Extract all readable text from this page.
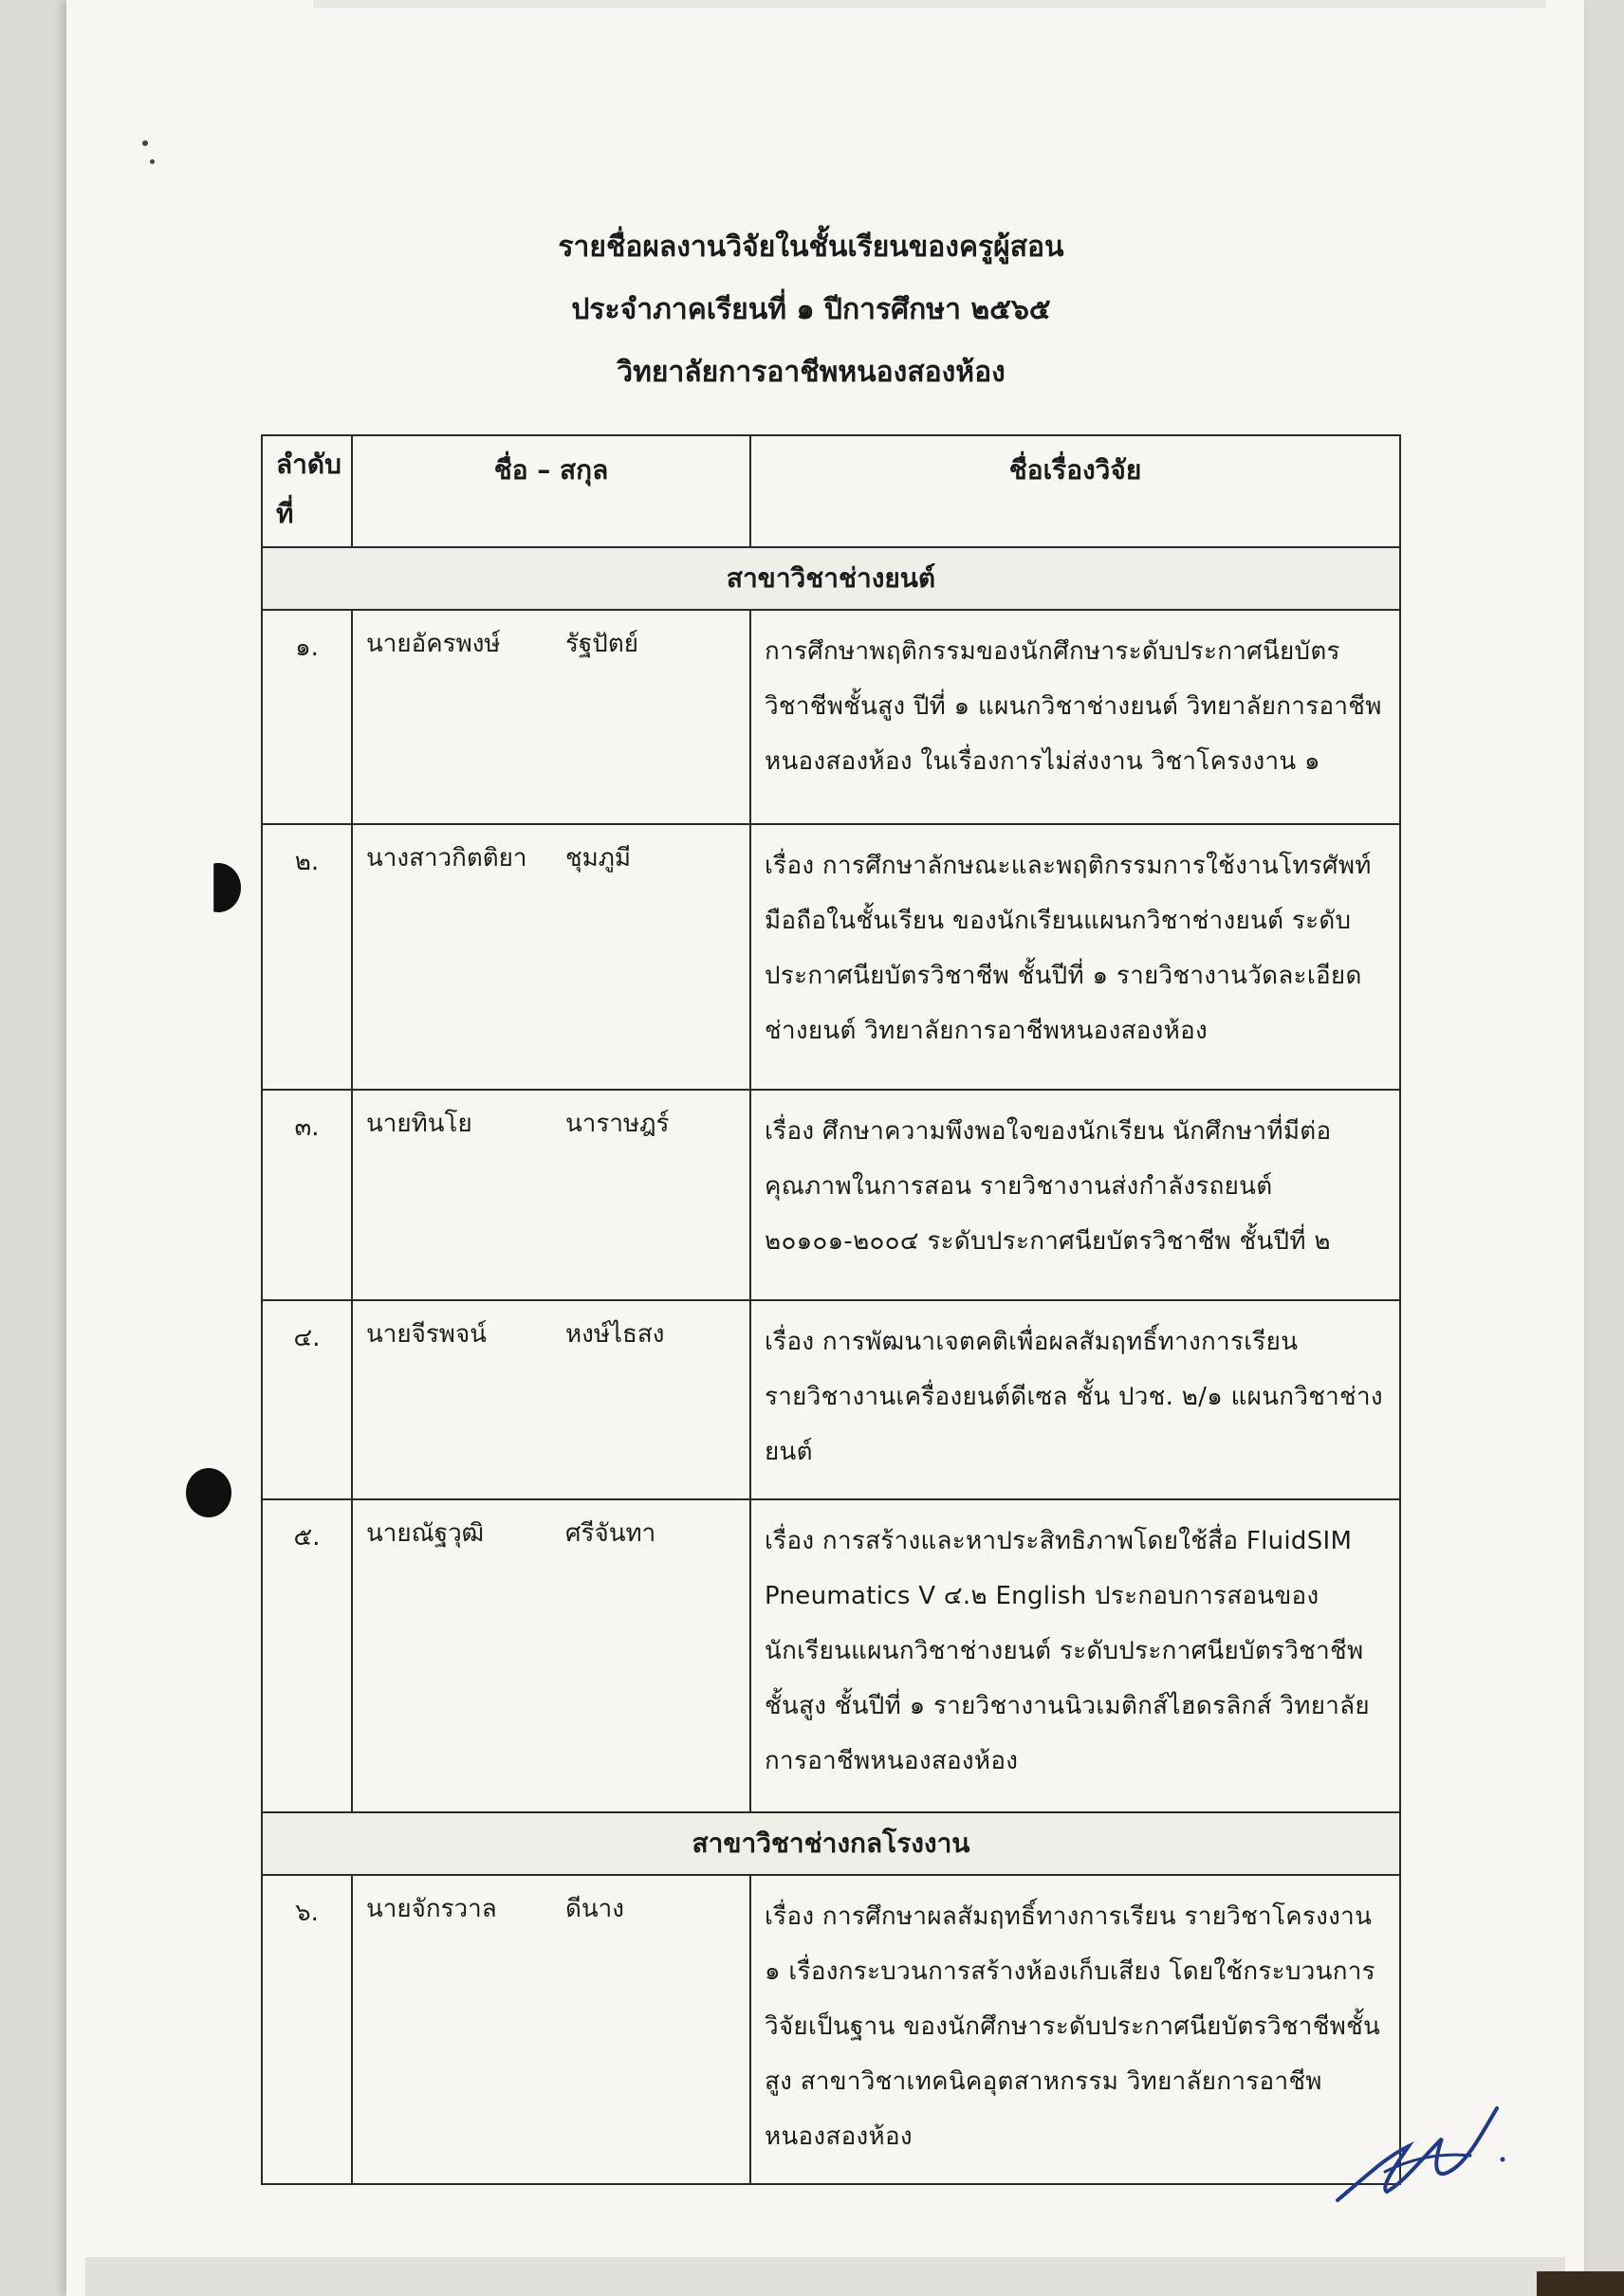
รายชื่อผลงานวิจัยในชั้นเรียนของครูผู้สอน
ประจำภาคเรียนที่ ๑ ปีการศึกษา ๒๕๖๕
วิทยาลัยการอาชีพหนองสองห้อง
ลำดับ
ที่	ชื่อ – สกุล	ชื่อเรื่องวิจัย
สาขาวิชาช่างยนต์		
๑.	นายอัครพงษ์ รัฐปัตย์	การศึกษาพฤติกรรมของนักศึกษาระดับประกาศนียบัตรวิชาชีพชั้นสูง ปีที่ ๑ แผนกวิชาช่างยนต์ วิทยาลัยการอาชีพหนองสองห้อง ในเรื่องการไม่ส่งงาน วิชาโครงงาน ๑
๒.	นางสาวกิตติยา ชุมภูมี	เรื่อง การศึกษาลักษณะและพฤติกรรมการใช้งานโทรศัพท์มือถือในชั้นเรียน ของนักเรียนแผนกวิชาช่างยนต์ ระดับประกาศนียบัตรวิชาชีพ ชั้นปีที่ ๑ รายวิชางานวัดละเอียดช่างยนต์ วิทยาลัยการอาชีพหนองสองห้อง
๓.	นายทินโย นาราษฎร์	เรื่อง ศึกษาความพึงพอใจของนักเรียน นักศึกษาที่มีต่อคุณภาพในการสอน รายวิชางานส่งกำลังรถยนต์ ๒๐๑๐๑-๒๐๐๔ ระดับประกาศนียบัตรวิชาชีพ ชั้นปีที่ ๒
๔.	นายจีรพจน์ หงษ์ไธสง	เรื่อง การพัฒนาเจตคติเพื่อผลสัมฤทธิ์ทางการเรียน รายวิชางานเครื่องยนต์ดีเซล ชั้น ปวช. ๒/๑ แผนกวิชาช่างยนต์
๕.	นายณัฐวุฒิ ศรีจันทา	เรื่อง การสร้างและหาประสิทธิภาพโดยใช้สื่อ FluidSIM Pneumatics V ๔.๒ English ประกอบการสอนของนักเรียนแผนกวิชาช่างยนต์ ระดับประกาศนียบัตรวิชาชีพชั้นสูง ชั้นปีที่ ๑ รายวิชางานนิวเมติกส์ไฮดรลิกส์ วิทยาลัยการอาชีพหนองสองห้อง
สาขาวิชาช่างกลโรงงาน		
๖.	นายจักรวาล ดีนาง	เรื่อง การศึกษาผลสัมฤทธิ์ทางการเรียน รายวิชาโครงงาน ๑ เรื่องกระบวนการสร้างห้องเก็บเสียง โดยใช้กระบวนการวิจัยเป็นฐาน ของนักศึกษาระดับประกาศนียบัตรวิชาชีพชั้นสูง สาขาวิชาเทคนิคอุตสาหกรรม วิทยาลัยการอาชีพหนองสองห้อง
